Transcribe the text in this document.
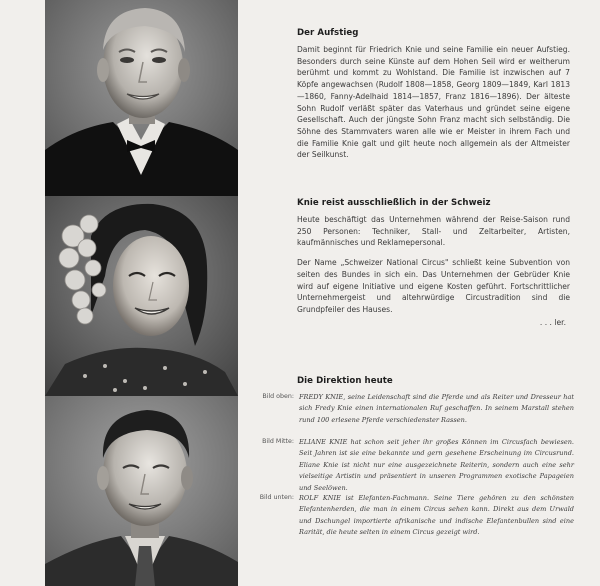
Der Aufstieg

Damit beginnt für Friedrich Knie und seine Familie ein neuer Aufstieg. Besonders durch seine Künste auf dem Hohen Seil wird er weitherum berühmt und kommt zu Wohlstand. Die Familie ist inzwischen auf 7 Köpfe angewachsen (Rudolf 1808—1858, Georg 1809—1849, Karl 1813—1860, Fanny-Adelhaid 1814—1857, Franz 1816—1896). Der älteste Sohn Rudolf verläßt später das Vaterhaus und gründet seine eigene Gesellschaft. Auch der jüngste Sohn Franz macht sich selbständig. Die Söhne des Stammvaters waren alle wie er Meister in ihrem Fach und die Familie Knie galt und gilt heute noch allgemein als der Altmeister der Seilkunst.

Knie reist ausschließlich in der Schweiz

Heute beschäftigt das Unternehmen während der Reise-Saison rund 250 Personen: Techniker, Stall- und Zeltarbeiter, Artisten, kaufmännisches und Reklamepersonal.

Der Name „Schweizer National Circus" schließt keine Subvention von seiten des Bundes in sich ein. Das Unternehmen der Gebrüder Knie wird auf eigene Initiative und eigene Kosten geführt. Fortschrittlicher Unternehmergeist und altehrwürdige Circustradition sind die Grundpfeiler des Hauses.

. . . ler.
Die Direktion heute
Bild oben: FREDY KNIE, seine Leidenschaft sind die Pferde und als Reiter und Dresseur hat sich Fredy Knie einen internationalen Ruf geschaffen. In seinem Marstall stehen rund 100 erlesene Pferde verschiedenster Rassen.

Bild Mitte: ELIANE KNIE hat schon seit jeher ihr großes Können im Circusfach bewiesen. Seit Jahren ist sie eine bekannte und gern gesehene Erscheinung im Circusrund. Eliane Knie ist nicht nur eine ausgezeichnete Reiterin, sondern auch eine sehr vielseitige Artistin und präsentiert in unseren Programmen exotische Papageien und Seelöwen.

Bild unten: ROLF KNIE ist Elefanten-Fachmann. Seine Tiere gehören zu den schönsten Elefantenherden, die man in einem Circus sehen kann. Direkt aus dem Urwald und Dschungel importierte afrikanische und indische Elefantenbullen sind eine Rarität, die heute selten in einem Circus gezeigt wird.
